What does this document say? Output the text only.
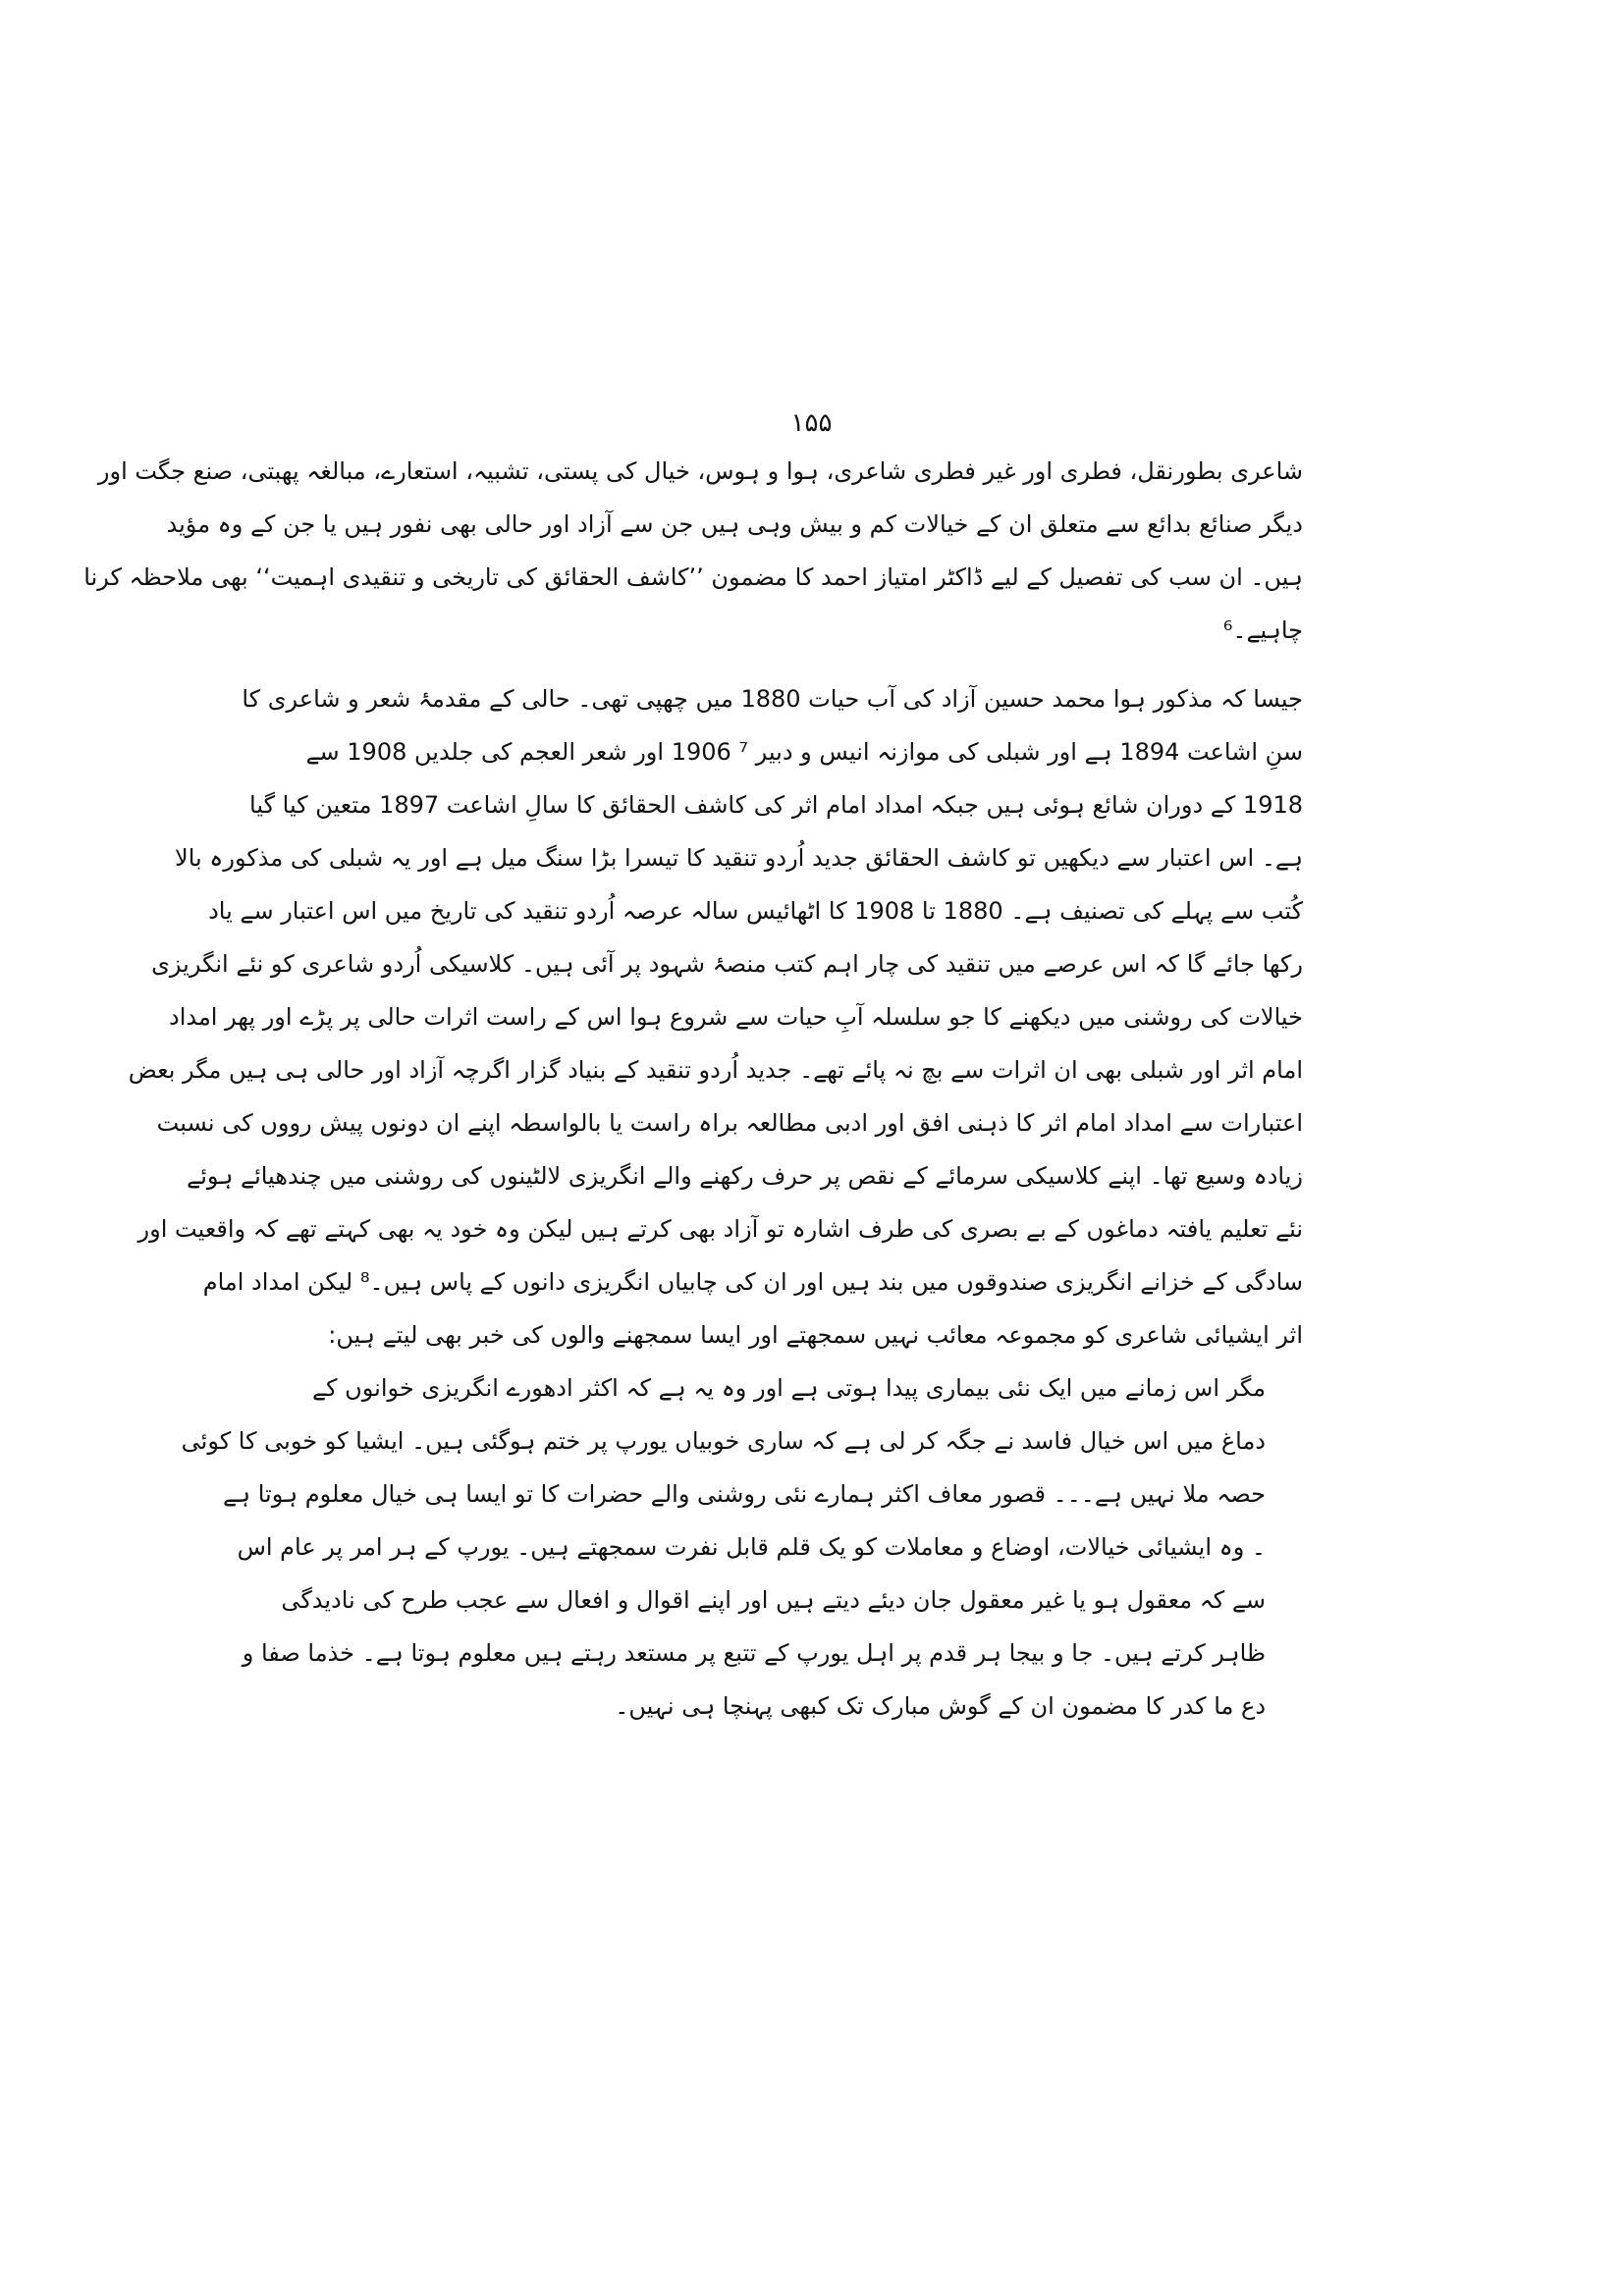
۱۵۵
شاعری بطورنقل، فطری اور غیر فطری شاعری، ہوا و ہوس، خیال کی پستی، تشبیہ، استعارے، مبالغہ پھبتی، صنع جگت اور
دیگر صنائع بدائع سے متعلق ان کے خیالات کم و بیش وہی ہیں جن سے آزاد اور حالی بھی نفور ہیں یا جن کے وہ مؤید
ہیں۔ ان سب کی تفصیل کے لیے ڈاکٹر امتیاز احمد کا مضمون ’’کاشف الحقائق کی تاریخی و تنقیدی اہمیت‘‘ بھی ملاحظہ کرنا
چاہیے۔⁶
جیسا کہ مذکور ہوا محمد حسین آزاد کی آب حیات 1880 میں چھپی تھی۔ حالی کے مقدمۂ شعر و شاعری کا
سنِ اشاعت 1894 ہے اور شبلی کی موازنہ انیس و دبیر ⁷ 1906 اور شعر العجم کی جلدیں 1908 سے
1918 کے دوران شائع ہوئی ہیں جبکہ امداد امام اثر کی کاشف الحقائق کا سالِ اشاعت 1897 متعین کیا گیا
ہے۔ اس اعتبار سے دیکھیں تو کاشف الحقائق جدید اُردو تنقید کا تیسرا بڑا سنگ میل ہے اور یہ شبلی کی مذکورہ بالا
کُتب سے پہلے کی تصنیف ہے۔ 1880 تا 1908 کا اٹھائیس سالہ عرصہ اُردو تنقید کی تاریخ میں اس اعتبار سے یاد
رکھا جائے گا کہ اس عرصے میں تنقید کی چار اہم کتب منصۂ شہود پر آئی ہیں۔ کلاسیکی اُردو شاعری کو نئے انگریزی
خیالات کی روشنی میں دیکھنے کا جو سلسلہ آبِ حیات سے شروع ہوا اس کے راست اثرات حالی پر پڑے اور پھر امداد
امام اثر اور شبلی بھی ان اثرات سے بچ نہ پائے تھے۔ جدید اُردو تنقید کے بنیاد گزار اگرچہ آزاد اور حالی ہی ہیں مگر بعض
اعتبارات سے امداد امام اثر کا ذہنی افق اور ادبی مطالعہ براہ راست یا بالواسطہ اپنے ان دونوں پیش رووں کی نسبت
زیادہ وسیع تھا۔ اپنے کلاسیکی سرمائے کے نقص پر حرف رکھنے والے انگریزی لالٹینوں کی روشنی میں چندھیائے ہوئے
نئے تعلیم یافتہ دماغوں کے بے بصری کی طرف اشارہ تو آزاد بھی کرتے ہیں لیکن وہ خود یہ بھی کہتے تھے کہ واقعیت اور
سادگی کے خزانے انگریزی صندوقوں میں بند ہیں اور ان کی چابیاں انگریزی دانوں کے پاس ہیں۔⁸ لیکن امداد امام
اثر ایشیائی شاعری کو مجموعہ معائب نہیں سمجھتے اور ایسا سمجھنے والوں کی خبر بھی لیتے ہیں:
مگر اس زمانے میں ایک نئی بیماری پیدا ہوتی ہے اور وہ یہ ہے کہ اکثر ادھورے انگریزی خوانوں کے
دماغ میں اس خیال فاسد نے جگہ کر لی ہے کہ ساری خوبیاں یورپ پر ختم ہوگئی ہیں۔ ایشیا کو خوبی کا کوئی
حصہ ملا نہیں ہے۔۔۔ قصور معاف اکثر ہمارے نئی روشنی والے حضرات کا تو ایسا ہی خیال معلوم ہوتا ہے
۔ وہ ایشیائی خیالات، اوضاع و معاملات کو یک قلم قابل نفرت سمجھتے ہیں۔ یورپ کے ہر امر پر عام اس
سے کہ معقول ہو یا غیر معقول جان دیئے دیتے ہیں اور اپنے اقوال و افعال سے عجب طرح کی نادیدگی
ظاہر کرتے ہیں۔ جا و بیجا ہر قدم پر اہل یورپ کے تتبع پر مستعد رہتے ہیں معلوم ہوتا ہے۔ خذما صفا و
دع ما کدر کا مضمون ان کے گوش مبارک تک کبھی پہنچا ہی نہیں۔
